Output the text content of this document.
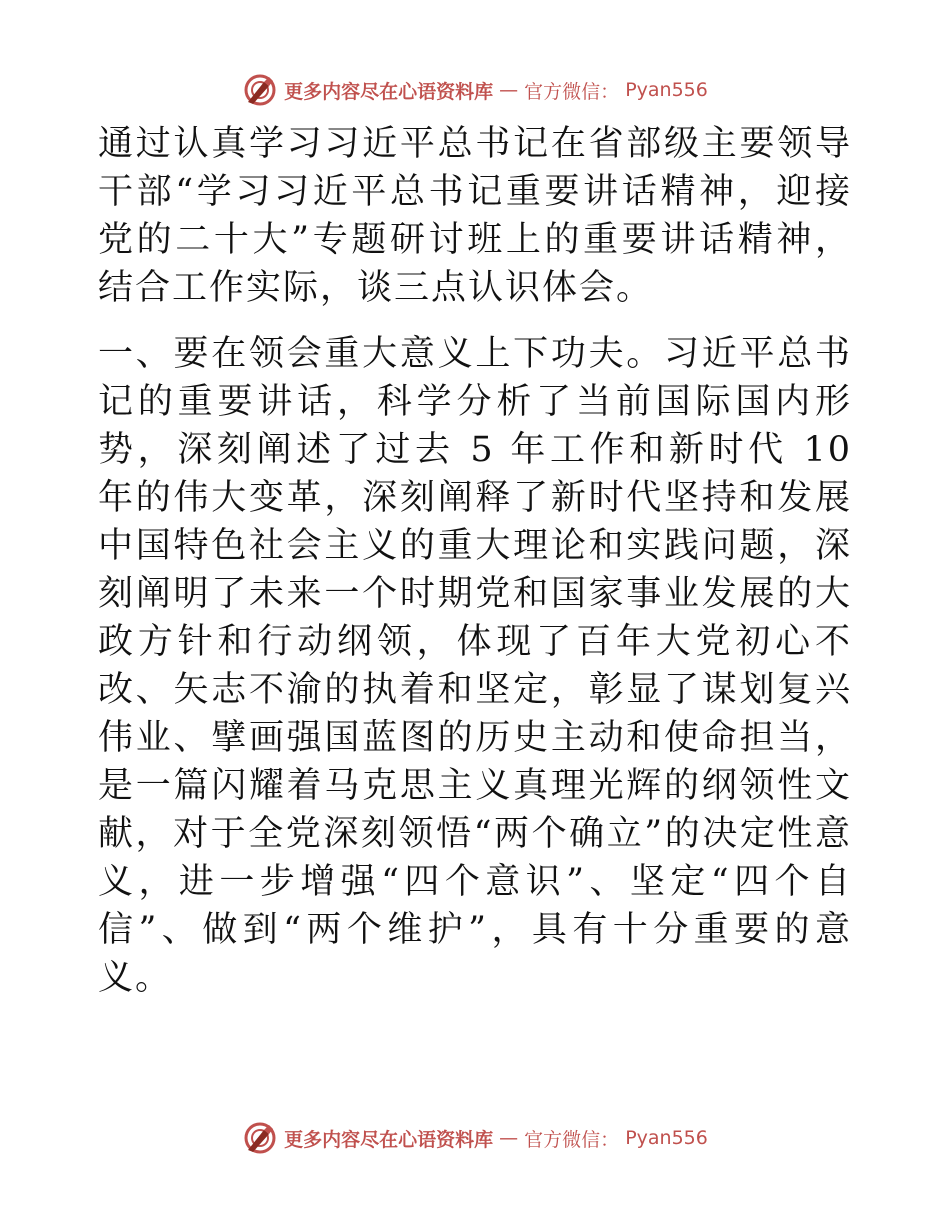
更多内容尽在心语资料库 — 官方微信： Pyan556

通过认真学习习近平总书记在省部级主要领导干部“学习习近平总书记重要讲话精神，迎接党的二十大”专题研讨班上的重要讲话精神，结合工作实际，谈三点认识体会。

一、要在领会重大意义上下功夫。习近平总书记的重要讲话，科学分析了当前国际国内形势，深刻阐述了过去 5 年工作和新时代 10 年的伟大变革，深刻阐释了新时代坚持和发展中国特色社会主义的重大理论和实践问题，深刻阐明了未来一个时期党和国家事业发展的大政方针和行动纲领，体现了百年大党初心不改、矢志不渝的执着和坚定，彰显了谋划复兴伟业、擘画强国蓝图的历史主动和使命担当，是一篇闪耀着马克思主义真理光辉的纲领性文献，对于全党深刻领悟“两个确立”的决定性意义，进一步增强“四个意识”、坚定“四个自信”、做到“两个维护”，具有十分重要的意义。

更多内容尽在心语资料库 — 官方微信： Pyan556
